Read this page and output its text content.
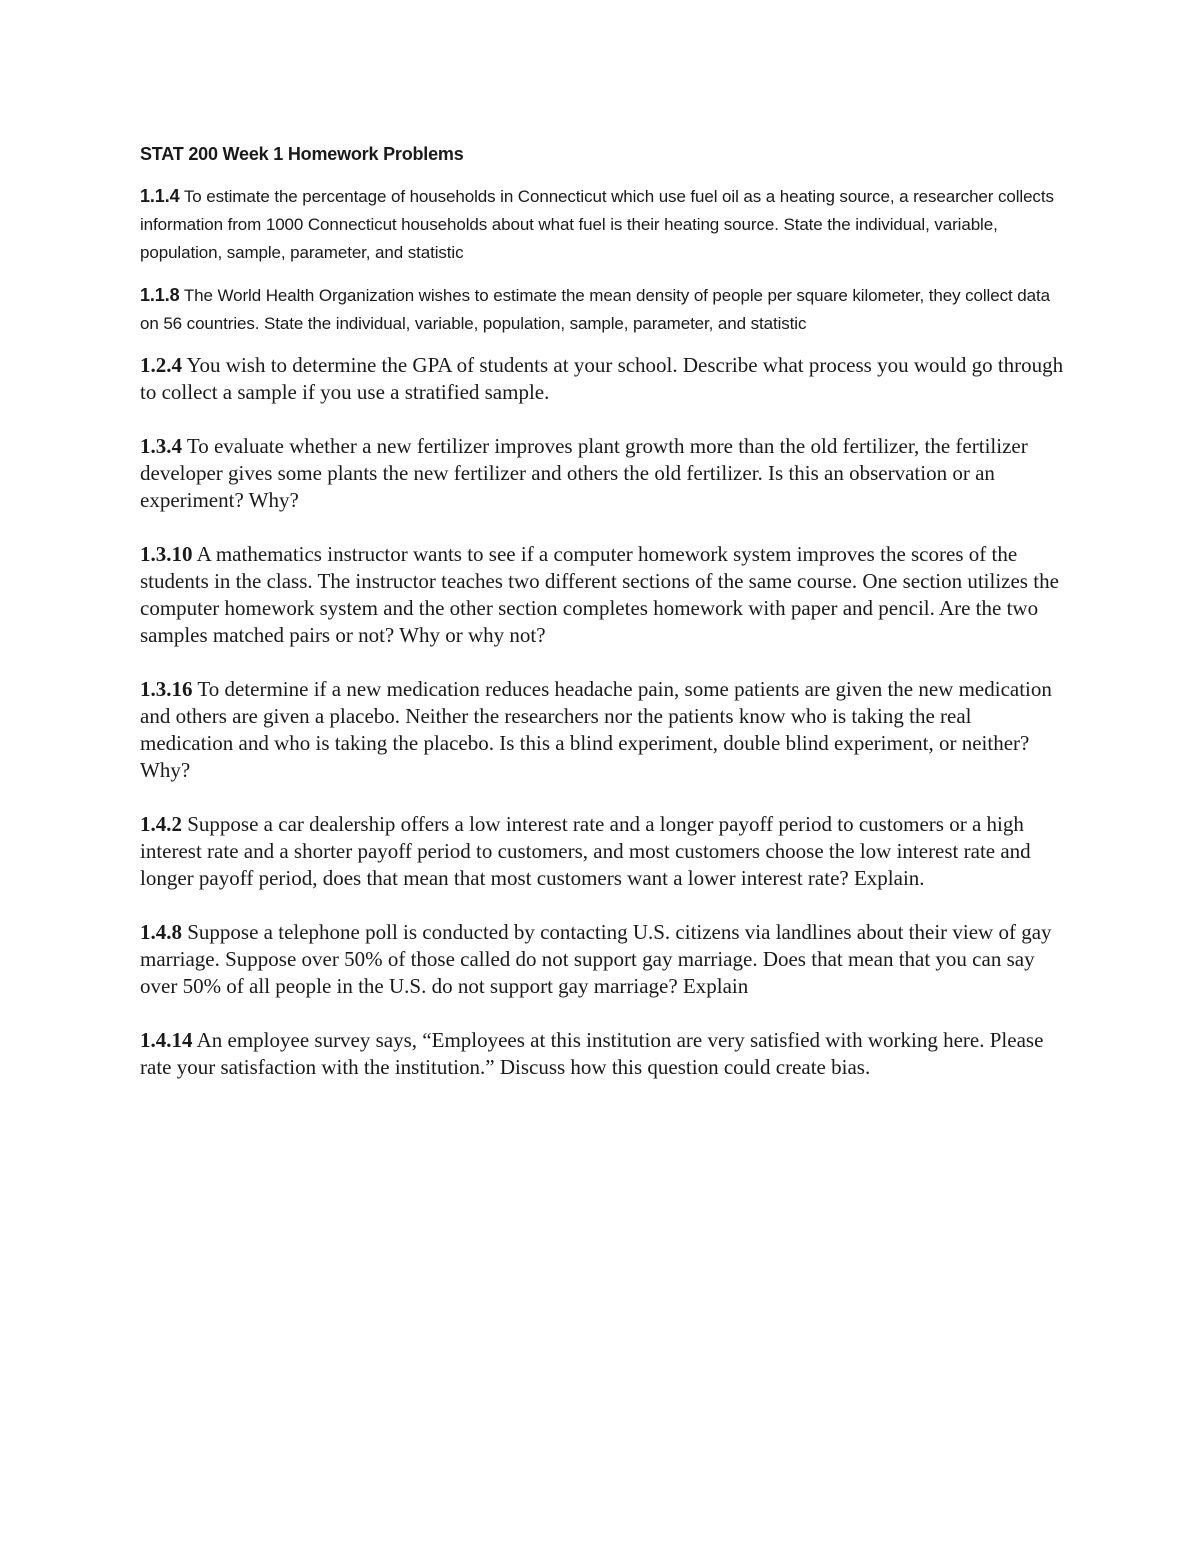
STAT 200 Week 1 Homework Problems

1.1.4 To estimate the percentage of households in Connecticut which use fuel oil as a heating source, a researcher collects information from 1000 Connecticut households about what fuel is their heating source. State the individual, variable, population, sample, parameter, and statistic

1.1.8 The World Health Organization wishes to estimate the mean density of people per square kilometer, they collect data on 56 countries. State the individual, variable, population, sample, parameter, and statistic

1.2.4 You wish to determine the GPA of students at your school. Describe what process you would go through to collect a sample if you use a stratified sample.

1.3.4 To evaluate whether a new fertilizer improves plant growth more than the old fertilizer, the fertilizer developer gives some plants the new fertilizer and others the old fertilizer. Is this an observation or an experiment? Why?

1.3.10 A mathematics instructor wants to see if a computer homework system improves the scores of the students in the class. The instructor teaches two different sections of the same course. One section utilizes the computer homework system and the other section completes homework with paper and pencil. Are the two samples matched pairs or not? Why or why not?

1.3.16 To determine if a new medication reduces headache pain, some patients are given the new medication and others are given a placebo. Neither the researchers nor the patients know who is taking the real medication and who is taking the placebo. Is this a blind experiment, double blind experiment, or neither? Why?

1.4.2 Suppose a car dealership offers a low interest rate and a longer payoff period to customers or a high interest rate and a shorter payoff period to customers, and most customers choose the low interest rate and longer payoff period, does that mean that most customers want a lower interest rate? Explain.

1.4.8 Suppose a telephone poll is conducted by contacting U.S. citizens via landlines about their view of gay marriage. Suppose over 50% of those called do not support gay marriage. Does that mean that you can say over 50% of all people in the U.S. do not support gay marriage? Explain

1.4.14 An employee survey says, “Employees at this institution are very satisfied with working here. Please rate your satisfaction with the institution.” Discuss how this question could create bias.
